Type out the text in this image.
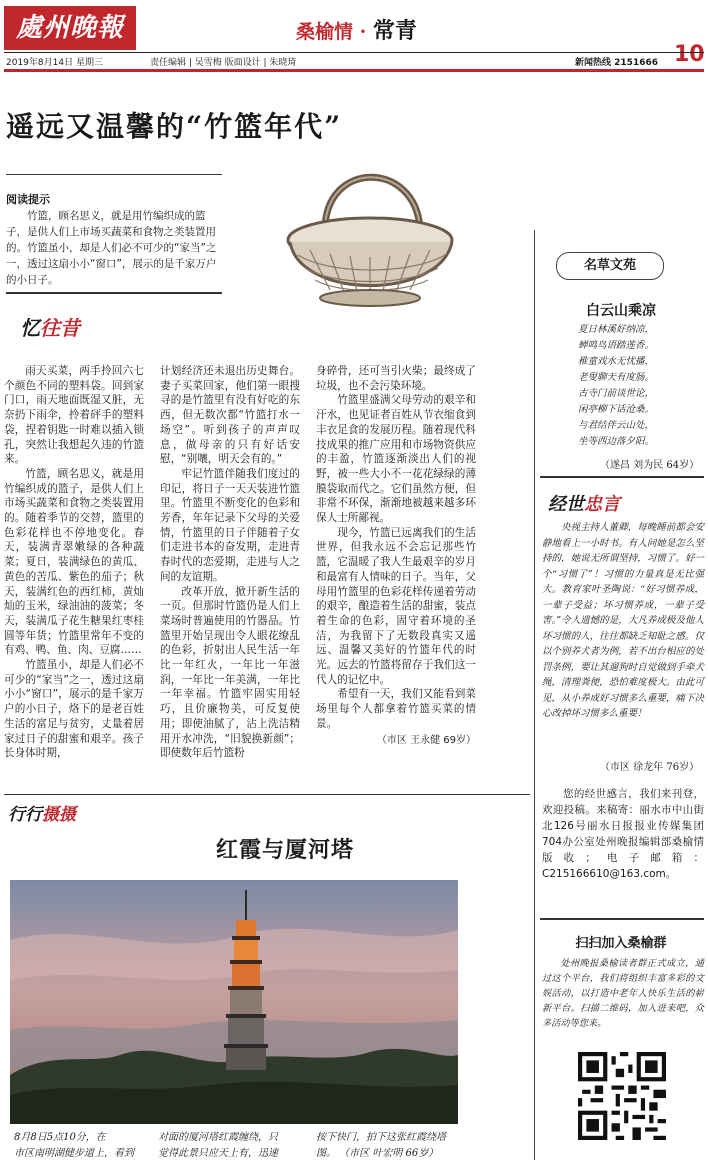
處州晚報	桑榆情 · 常青
10
2019年8月14日 星期三	责任编辑 | 吴雪梅 版面设计 | 朱晓琦	新闻热线 2151666
遥远又温馨的“竹篮年代”
阅读提示

竹篮，顾名思义，就是用竹编织成的篮子，是供人们上市场买蔬菜和食物之类装置用的。竹篮虽小，却是人们必不可少的“家当”之一，透过这扇小小“窗口”，展示的是千家万户的小日子。

忆往昔

雨天买菜，两手拎回六七个颜色不同的塑料袋。回到家门口，雨天地面既湿又脏，无奈扔下雨伞，拎着砰手的塑料袋，捏着钥匙一时难以插入锁孔，突然让我想起久违的竹篮来。

竹篮，顾名思义，就是用竹编织成的篮子，是供人们上市场买蔬菜和食物之类装置用的。随着季节的交替，篮里的色彩花样也不停地变化。春天，装满青翠嫩绿的各种蔬菜；夏日，装满绿色的黄瓜、黄色的苦瓜、紫色的茄子；秋天，装满红色的西红柿，黄灿灿的玉米，绿油油的菠菜；冬天，装满瓜子花生糖果红枣桂圆等年货；竹篮里常年不变的有鸡、鸭、鱼、肉、豆腐……

竹篮虽小，却是人们必不可少的“家当”之一，透过这扇小小“窗口”，展示的是千家万户的小日子，烙下的是老百姓生活的富足与贫穷，丈量着居家过日子的甜蜜和艰辛。孩子长身体时期，

计划经济还未退出历史舞台。妻子买菜回家，他们第一眼搜寻的是竹篮里有没有好吃的东西，但无数次都“竹篮打水一场空”。听到孩子的声声叹息，做母亲的只有好话安慰，“别嚷，明天会有的。”

牢记竹篮伴随我们度过的印记，将日子一天天装进竹篮里。竹篮里不断变化的色彩和芳香，年年记录下父母的关爱情，竹篮里的日子伴随着子女们走进书本的奋发期，走进青春时代的恋爱期，走进与人之间的友谊期。

改革开放，掀开新生活的一页。但那时竹篮仍是人们上菜场时普遍使用的竹器品。竹篮里开始呈现出令人眼花缭乱的色彩，折射出人民生活一年比一年红火，一年比一年滋润，一年比一年美满，一年比一年幸福。竹篮牢固实用轻巧，且价廉物美，可反复使用；即使油腻了，沾上洗洁精用开水冲洗，“旧貌换新颜”；即使数年后竹篮粉

身碎骨，还可当引火柴；最终成了垃圾，也不会污染环境。

竹篮里盛满父母劳动的艰辛和汗水，也见证者百姓从节衣缩食到丰衣足食的发展历程。随着现代科技成果的推广应用和市场物资供应的丰盈，竹篮逐渐淡出人们的视野，被一些大小不一花花绿绿的薄膜袋取而代之。它们虽然方便，但非常不环保，渐渐地被越来越多环保人士所鄙视。

现今，竹篮已远离我们的生活世界，但我永远不会忘记那些竹篮，它温暖了我人生最艰辛的岁月和最富有人情味的日子。当年，父母用竹篮里的色彩花样传递着劳动的艰辛，酿造着生活的甜蜜，装点着生命的色彩，固守着环境的圣洁，为我留下了无数段真实又遥远、温馨又美好的竹篮年代的时光。远去的竹篮将留存于我们这一代人的记忆中。

希望有一天，我们又能看到菜场里每个人都拿着竹篮买菜的情景。

（市区 王永健 69岁）
名草文苑
白云山乘凉
夏日林溪好纳凉，
蝉鸣鸟语踏莲香。
稚童戏水无忧播，
老叟聊天有度肠。
古寺门前谈世论，
闲亭柳下话沧桑。
与君结伴云山处，
坐等西边落夕阳。
（遂昌 刘为民 64岁）
经世忠言

央视主持人董卿，每晚睡前都会安静地看上一小时书。有人问她是怎么坚持的，她说无所谓坚持，习惯了。好一个“习惯了”！习惯的力量真是无比强大。教育家叶圣陶说：“好习惯养成，一辈子受益；坏习惯养成，一辈子受害。”令人遗憾的是，大凡养成极及他人坏习惯的人，往往都缺乏知耻之感。仅以个别养犬者为例，若不出台相应的处罚条例，要让其遛狗时自觉做到手牵犬绳，清理粪便，恐怕难度极大。由此可见，从小养成好习惯多么重要，痛下决心改掉坏习惯多么重要！

（市区 徐龙年 76岁）

您的经世感言，我们来刊登，欢迎投稿。来稿寄：丽水市中山街北126号丽水日报报业传媒集团704办公室处州晚报编辑部桑榆情版收；电子邮箱：C215166610@163.com。

扫扫加入桑榆群

处州晚报桑榆读者群正式成立，通过这个平台，我们将组织丰富多彩的文娱活动，以打造中老年人快乐生活的崭新平台。扫描二维码，加入进来吧，众多活动等您来。

行行摄摄
红霞与厦河塔
8月8日5点10分，在
市区南明湖健步道上，看到
对面的厦河塔红霞缠绕，只
觉得此景只应天上有，迅速
按下快门，拍下这张红霞绕塔
图。 （市区 叶宏明 66岁）
